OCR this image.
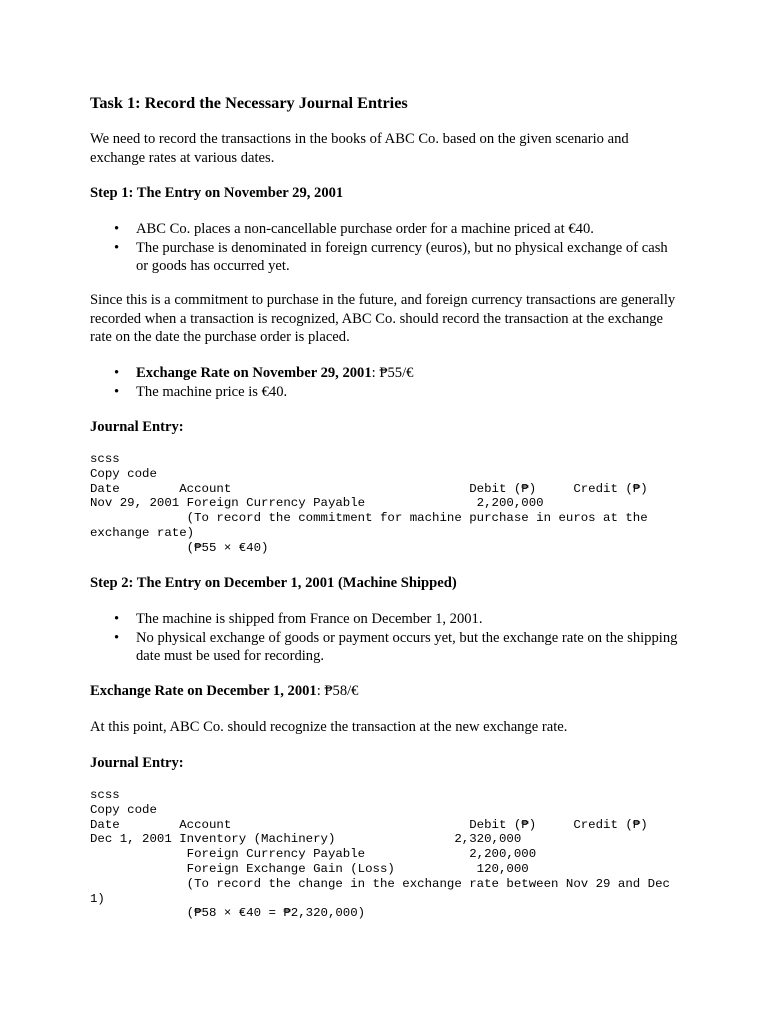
Task 1: Record the Necessary Journal Entries

We need to record the transactions in the books of ABC Co. based on the given scenario and exchange rates at various dates.

Step 1: The Entry on November 29, 2001

• ABC Co. places a non-cancellable purchase order for a machine priced at €40.
• The purchase is denominated in foreign currency (euros), but no physical exchange of cash or goods has occurred yet.

Since this is a commitment to purchase in the future, and foreign currency transactions are generally recorded when a transaction is recognized, ABC Co. should record the transaction at the exchange rate on the date the purchase order is placed.

• Exchange Rate on November 29, 2001: ₱55/€
• The machine price is €40.

Journal Entry:

scss
Copy code
Date        Account                                Debit (₱)     Credit (₱)
Nov 29, 2001 Foreign Currency Payable               2,200,000
(To record the commitment for machine purchase in euros at the
exchange rate)
(₱55 × €40)

Step 2: The Entry on December 1, 2001 (Machine Shipped)

• The machine is shipped from France on December 1, 2001.
• No physical exchange of goods or payment occurs yet, but the exchange rate on the shipping date must be used for recording.

Exchange Rate on December 1, 2001: ₱58/€

At this point, ABC Co. should recognize the transaction at the new exchange rate.

Journal Entry:

scss
Copy code
Date        Account                                Debit (₱)     Credit (₱)
Dec 1, 2001 Inventory (Machinery)                2,320,000
Foreign Currency Payable              2,200,000
Foreign Exchange Gain (Loss)           120,000
(To record the change in the exchange rate between Nov 29 and Dec
1)
(₱58 × €40 = ₱2,320,000)
